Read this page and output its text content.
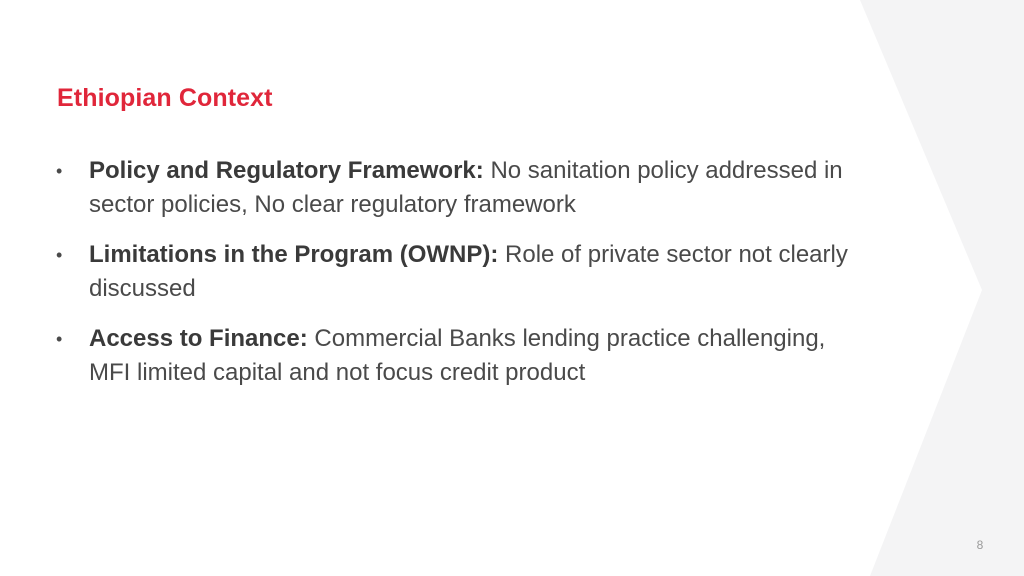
Ethiopian Context
• Policy and Regulatory Framework: No sanitation policy addressed in sector policies, No clear regulatory framework
• Limitations in the Program (OWNP): Role of private sector not clearly discussed
• Access to Finance: Commercial Banks lending practice challenging, MFI limited capital and not focus credit product
8
